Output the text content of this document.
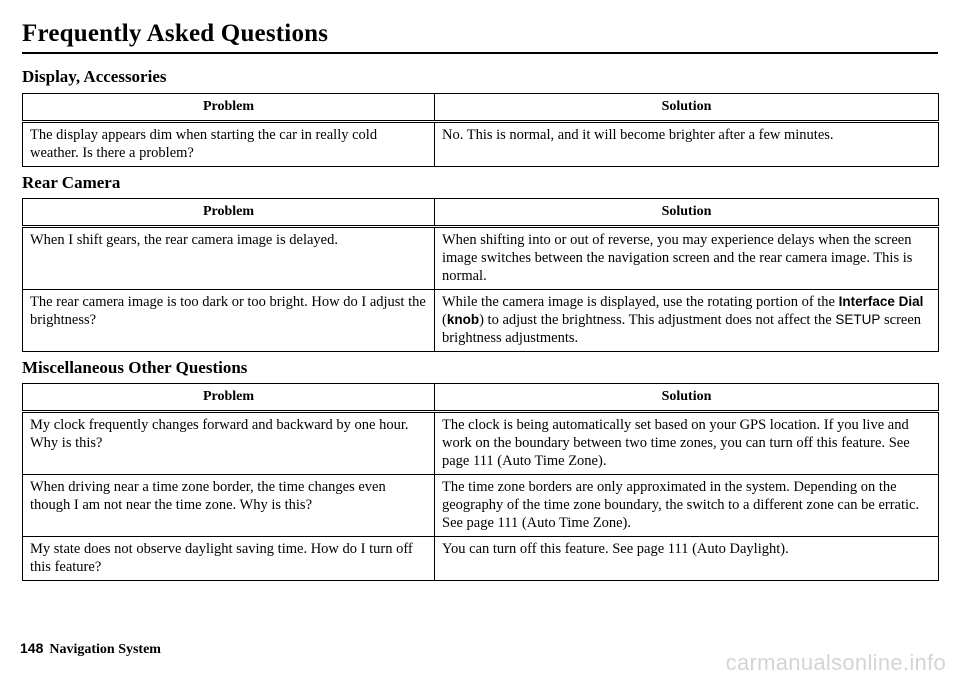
Frequently Asked Questions
Display, Accessories
Problem	Solution
The display appears dim when starting the car in really cold weather. Is there a problem?	No. This is normal, and it will become brighter after a few minutes.
Rear Camera
Problem	Solution
When I shift gears, the rear camera image is delayed.	When shifting into or out of reverse, you may experience delays when the screen image switches between the navigation screen and the rear camera image. This is normal.
The rear camera image is too dark or too bright. How do I adjust the brightness?	While the camera image is displayed, use the rotating portion of the Interface Dial (knob) to adjust the brightness. This adjustment does not affect the SETUP screen brightness adjustments.
Miscellaneous Other Questions
Problem	Solution
My clock frequently changes forward and backward by one hour. Why is this?	The clock is being automatically set based on your GPS location. If you live and work on the boundary between two time zones, you can turn off this feature. See page 111 (Auto Time Zone).
When driving near a time zone border, the time changes even though I am not near the time zone. Why is this?	The time zone borders are only approximated in the system. Depending on the geography of the time zone boundary, the switch to a different zone can be erratic. See page 111 (Auto Time Zone).
My state does not observe daylight saving time. How do I turn off this feature?	You can turn off this feature. See page 111 (Auto Daylight).
148 Navigation System
carmanualsonline.info
